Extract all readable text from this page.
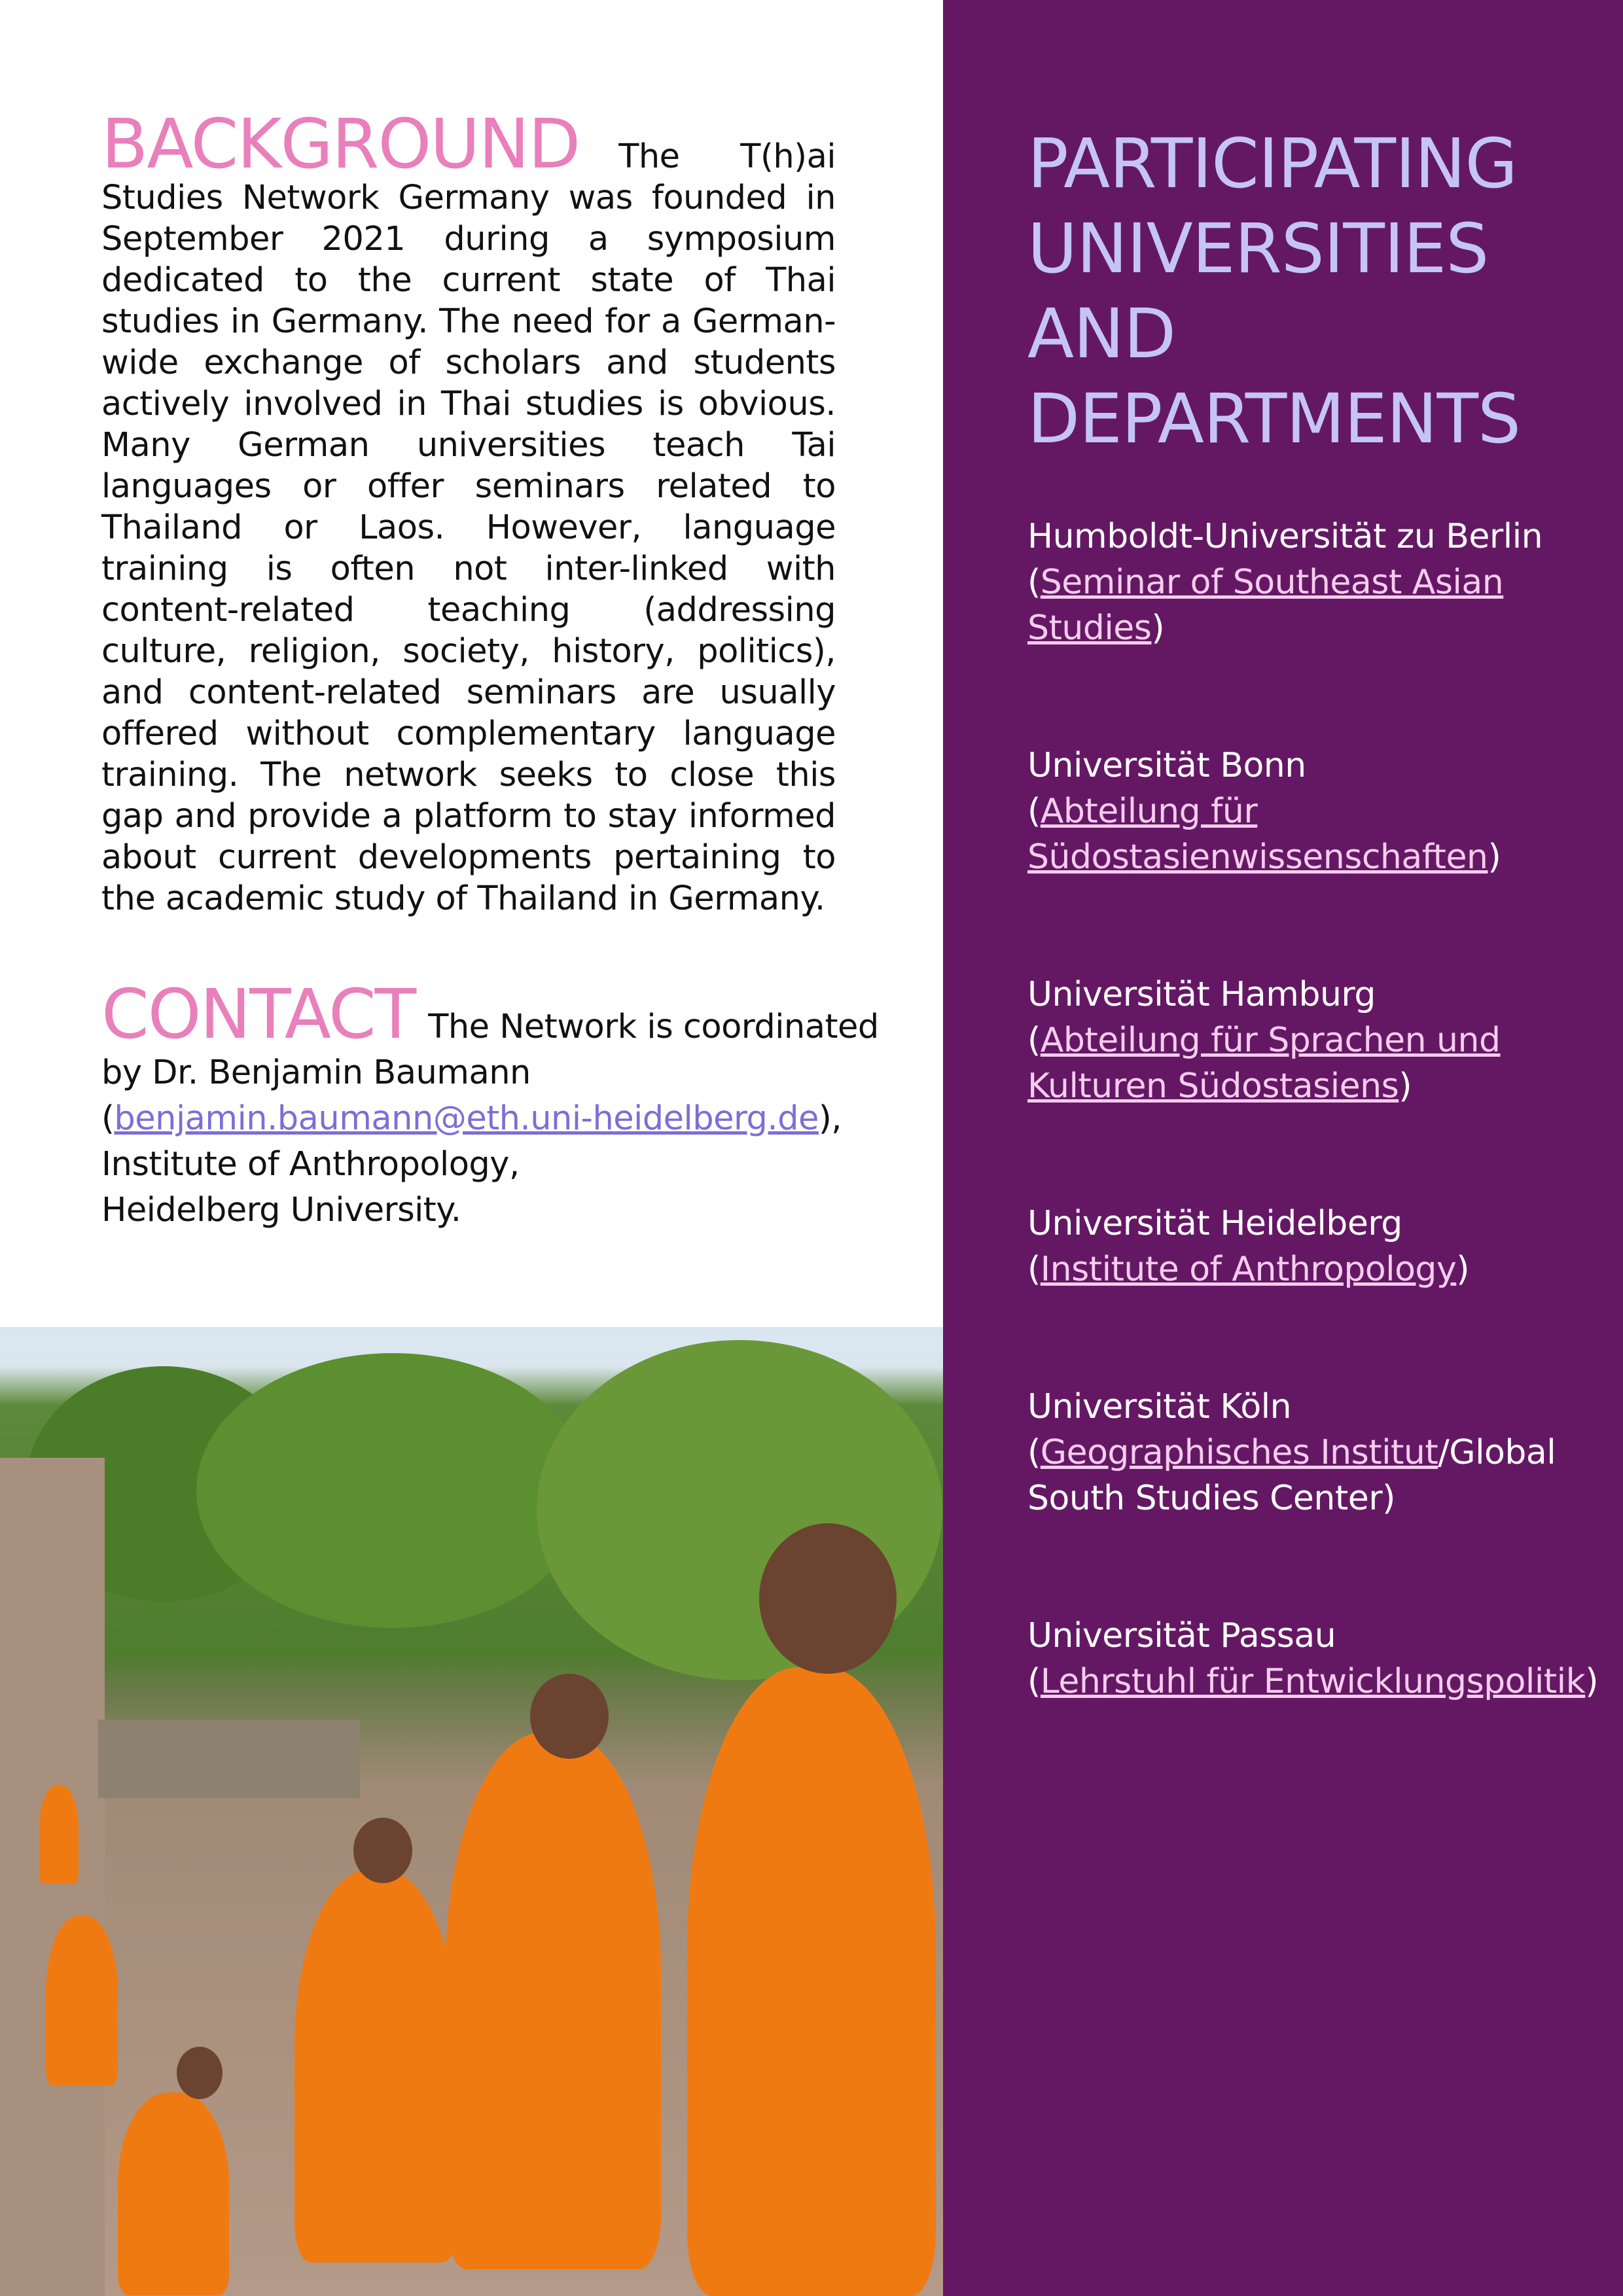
BACKGROUND The T(h)ai Studies Network Germany was founded in September 2021 during a symposium dedicated to the current state of Thai studies in Germany. The need for a German-wide exchange of scholars and students actively involved in Thai studies is obvious. Many German universities teach Tai languages or offer seminars related to Thailand or Laos. However, language training is often not inter-linked with content-related teaching (addressing culture, religion, society, history, politics), and content-related seminars are usually offered without complementary language training. The network seeks to close this gap and provide a platform to stay informed about current developments pertaining to the academic study of Thailand in Germany.
CONTACT The Network is coordinated by Dr. Benjamin Baumann
(benjamin.baumann@eth.uni-heidelberg.de),
Institute of Anthropology,
Heidelberg University.
PARTICIPATING
UNIVERSITIES
AND
DEPARTMENTS
Humboldt-Universität zu Berlin
(Seminar of Southeast Asian Studies)
Universität Bonn
(Abteilung für Südostasienwissenschaften)
Universität Hamburg
(Abteilung für Sprachen und Kulturen Südostasiens)
Universität Heidelberg
(Institute of Anthropology)
Universität Köln
(Geographisches Institut/Global South Studies Center)
Universität Passau
(Lehrstuhl für Entwicklungspolitik)
